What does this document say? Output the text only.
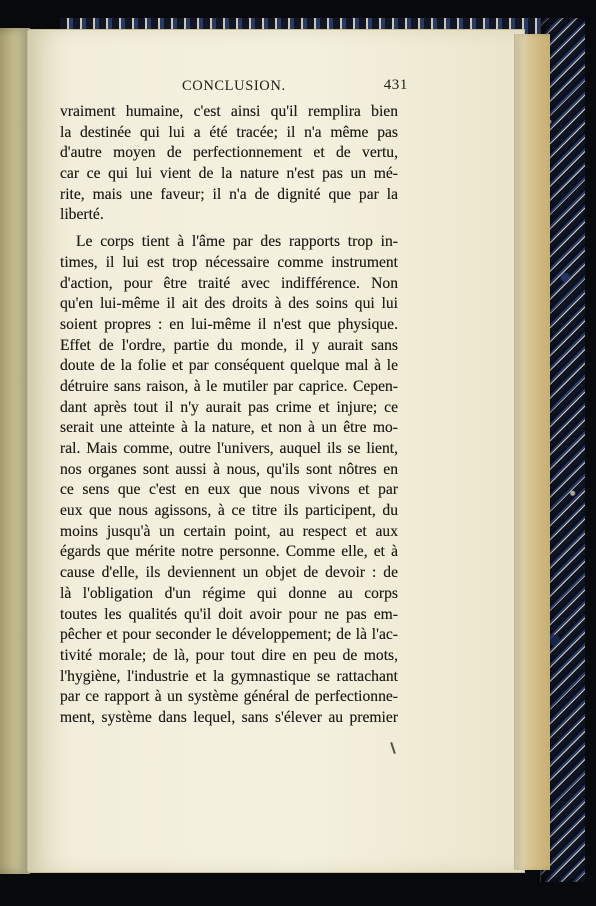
CONCLUSION.	431
vraiment humaine, c'est ainsi qu'il remplira bien
la destinée qui lui a été tracée; il n'a même pas
d'autre moyen de perfectionnement et de vertu,
car ce qui lui vient de la nature n'est pas un mé-
rite, mais une faveur; il n'a de dignité que par la
liberté.
Le corps tient à l'âme par des rapports trop in-
times, il lui est trop nécessaire comme instrument
d'action, pour être traité avec indifférence. Non
qu'en lui-même il ait des droits à des soins qui lui
soient propres : en lui-même il n'est que physique.
Effet de l'ordre, partie du monde, il y aurait sans
doute de la folie et par conséquent quelque mal à le
détruire sans raison, à le mutiler par caprice. Cepen-
dant après tout il n'y aurait pas crime et injure; ce
serait une atteinte à la nature, et non à un être mo-
ral. Mais comme, outre l'univers, auquel ils se lient,
nos organes sont aussi à nous, qu'ils sont nôtres en
ce sens que c'est en eux que nous vivons et par
eux que nous agissons, à ce titre ils participent, du
moins jusqu'à un certain point, au respect et aux
égards que mérite notre personne. Comme elle, et à
cause d'elle, ils deviennent un objet de devoir : de
là l'obligation d'un régime qui donne au corps
toutes les qualités qu'il doit avoir pour ne pas em-
pêcher et pour seconder le développement; de là l'ac-
tivité morale; de là, pour tout dire en peu de mots,
l'hygiène, l'industrie et la gymnastique se rattachant
par ce rapport à un système général de perfectionne-
ment, système dans lequel, sans s'élever au premier
